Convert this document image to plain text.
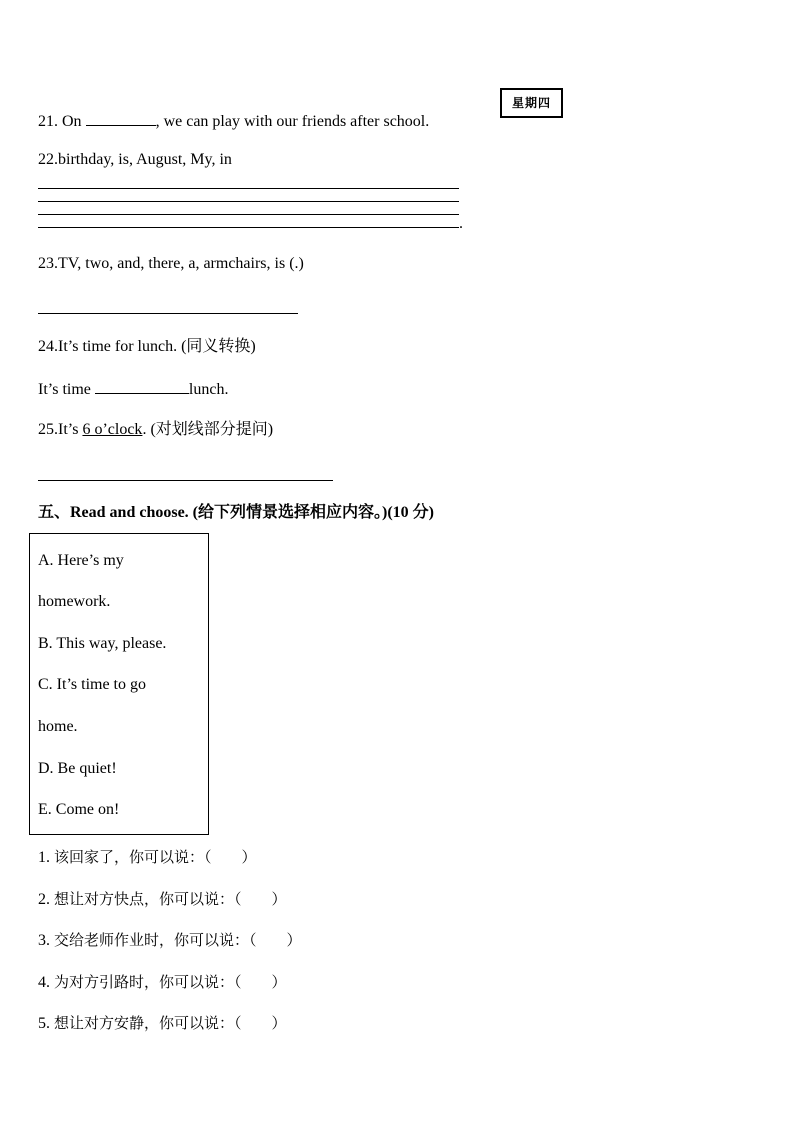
21. On	, we can play with our friends after school.
星期四
22.birthday, is, August, My, in
.
23.TV, two, and, there, a, armchairs, is (.)
24.It’s time for lunch. (同义转换)
It’s time	lunch.
25.It’s 6 o’clock. (对划线部分提问)
五、Read and choose. (给下列情景选择相应内容。)(10 分)
A. Here’s my
homework.
B. This way, please.
C. It’s time to go
home.
D. Be quiet!
E. Come on!
1. 该回家了，你可以说：（　　）
2. 想让对方快点，你可以说：（　　）
3. 交给老师作业时，你可以说：（　　）
4. 为对方引路时，你可以说：（　　）
5. 想让对方安静，你可以说：（　　）
